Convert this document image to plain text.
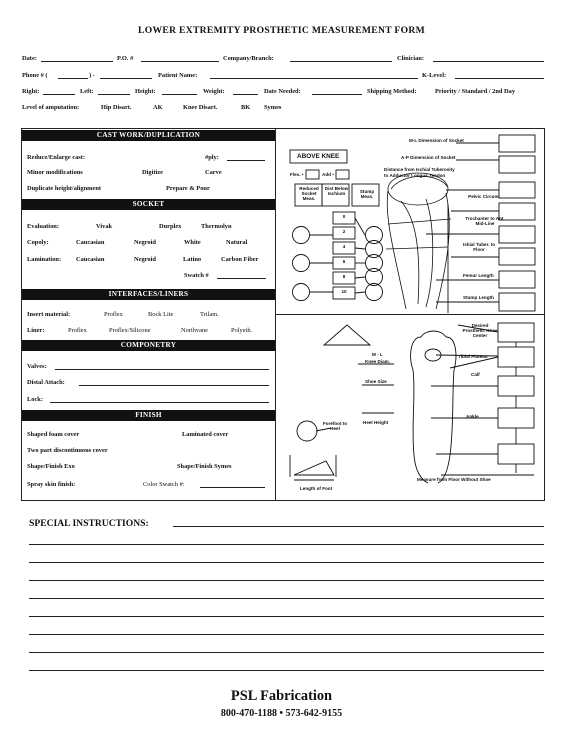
LOWER EXTREMITY PROSTHETIC MEASUREMENT FORM
Date:	P.O. #	Company/Branch:	Clinician:
Phone # (	) -	Patient Name:	K-Level:
Right:	Left:	Height:	Weight:	Date Needed:	Shipping Method:	Priority / Standard / 2nd Day
Level of amputation:	Hip Disart.	AK	Knee Disart.	BK Symes
CAST WORK/DUPLICATION
Reduce/Enlarge cast:	#ply:
Minor modifications	Digitize	Carve
Duplicate height/alignment	Prepare & Pour
SOCKET
Evaluation:	Vivak	Durplex	Thermolyn
Copoly:	Caucasian	Negroid	White	Natural
Lamination: Caucasian	Negroid	Latino	Carbon Fiber
Swatch #
INTERFACES/LINERS
Insert material:	Proflex	Bock Lite	Trilam.
Liner:	Proflex	Proflex/Silicone	Northvane	Polyeth.
COMPONETRY
Valves:
Distal Attach:
Lock:
FINISH
Shaped foam cover	Laminated cover
Two part discontinuous cover
Shape/Finish Exo	Shape/Finish Symes
Spray skin finish:	Color Swatch #:
ABOVE KNEE
Flex. •	Add •
Reduced Socket Meas.
Dist Below Ischium	Stump Meas.
0
2
4
6
8
10
M-L Dimension of Socket
A-P Dimension of Socket
Distance from Ischial Tuberosity
to Adductor Longus Tendon
Pelvic Circum.
Trochanter to Ant. Mid-Line
Ishial Tuber. to Floor
Femur Length
Stump Length
M - L
Knee Diam.
Shoe Size
Heel Height
Forefoot to Heel
Length of Foot
Desired Prosthetic Knee Center
Tibial Plateau
Calf
Ankle
Measure from Floor Without Shoe
SPECIAL INSTRUCTIONS:
PSL Fabrication
800-470-1188 • 573-642-9155
